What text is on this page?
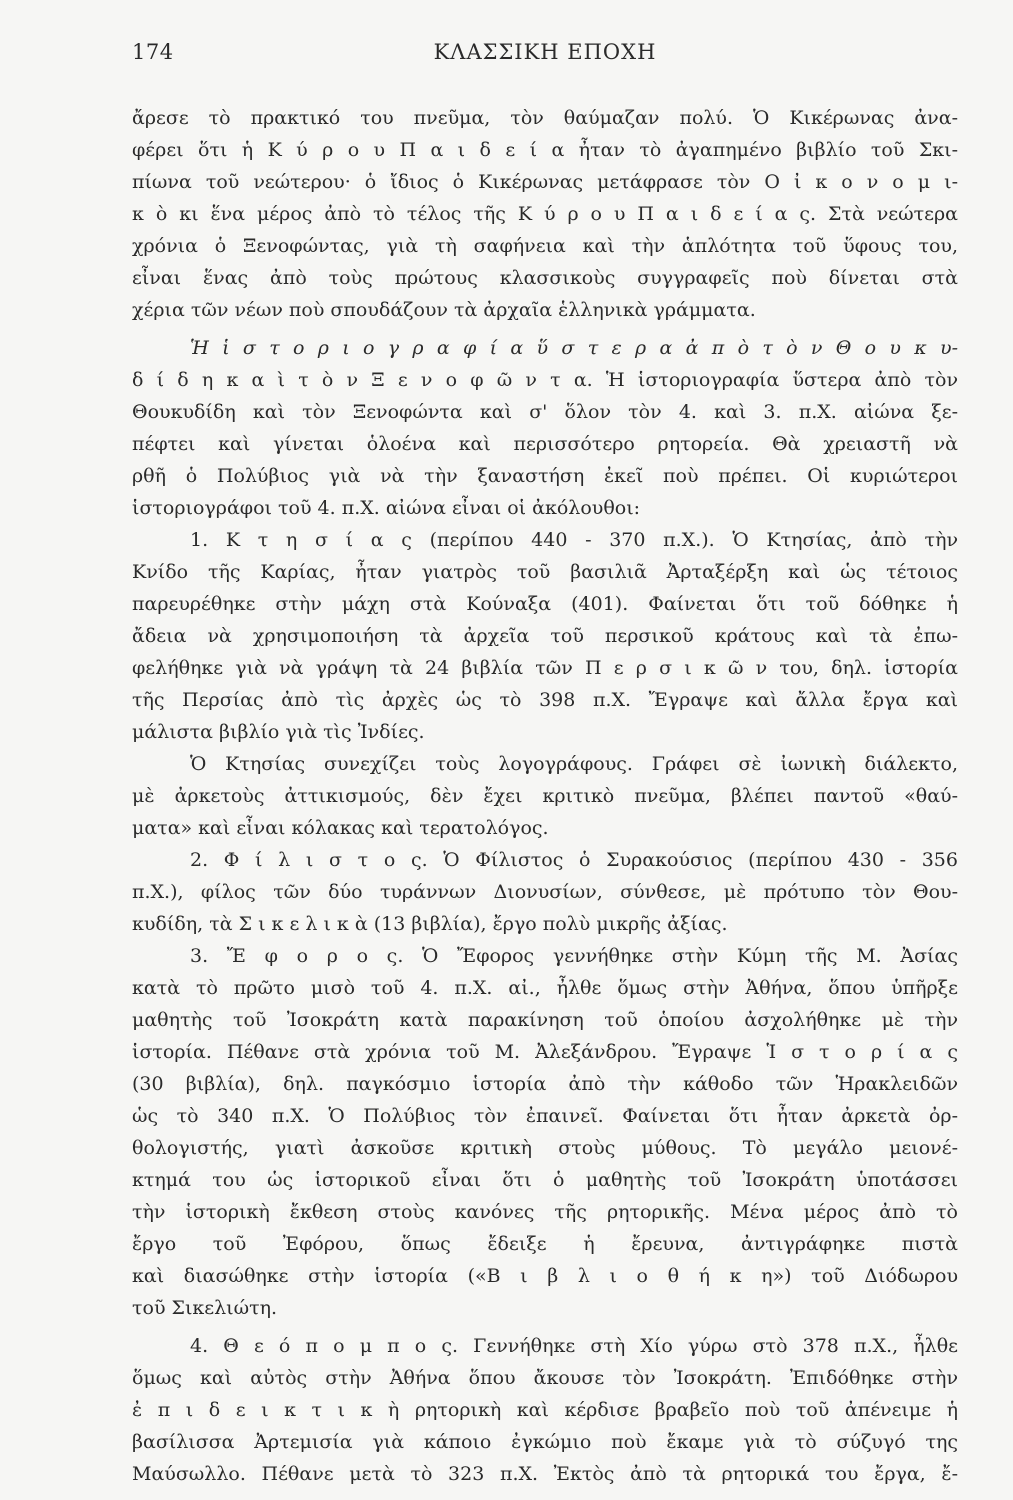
174	ΚΛΑΣΣΙΚΗ ΕΠΟΧΗ
ἄρεσε τὸ πρακτικό του πνεῦμα, τὸν θαύμαζαν πολύ. Ὁ Κικέρωνας ἀνα-
φέρει ὅτι ἡ Κ ύ ρ ο υ Π α ι δ ε ί α ἦταν τὸ ἀγαπημένο βιβλίο τοῦ Σκι-
πίωνα τοῦ νεώτερου· ὁ ἴδιος ὁ Κικέρωνας μετάφρασε τὸν Ο ἰ κ ο ν ο μ ι-
κ ὸ κι ἕνα μέρος ἀπὸ τὸ τέλος τῆς Κ ύ ρ ο υ Π α ι δ ε ί α ς. Στὰ νεώτερα
χρόνια ὁ Ξενοφώντας, γιὰ τὴ σαφήνεια καὶ τὴν ἁπλότητα τοῦ ὕφους του,
εἶναι ἕνας ἀπὸ τοὺς πρώτους κλασσικοὺς συγγραφεῖς ποὺ δίνεται στὰ
χέρια τῶν νέων ποὺ σπουδάζουν τὰ ἀρχαῖα ἑλληνικὰ γράμματα.
Ἡ ἱ σ τ ο ρ ι ο γ ρ α φ ί α ὕ σ τ ε ρ α ἀ π ὸ τ ὸ ν Θ ο υ κ υ-
δ ί δ η κ α ὶ τ ὸ ν Ξ ε ν ο φ ῶ ν τ α. Ἡ ἱστοριογραφία ὕστερα ἀπὸ τὸν
Θουκυδίδη καὶ τὸν Ξενοφώντα καὶ σ' ὅλον τὸν 4. καὶ 3. π.Χ. αἰώνα ξε-
πέφτει καὶ γίνεται ὁλοένα καὶ περισσότερο ρητορεία. Θὰ χρειαστῆ νὰ
ρθῆ ὁ Πολύβιος γιὰ νὰ τὴν ξαναστήση ἐκεῖ ποὺ πρέπει. Οἱ κυριώτεροι
ἱστοριογράφοι τοῦ 4. π.Χ. αἰώνα εἶναι οἱ ἀκόλουθοι:
1. Κ τ η σ ί α ς (περίπου 440 - 370 π.Χ.). Ὁ Κτησίας, ἀπὸ τὴν
Κνίδο τῆς Καρίας, ἦταν γιατρὸς τοῦ βασιλιᾶ Ἀρταξέρξη καὶ ὡς τέτοιος
παρευρέθηκε στὴν μάχη στὰ Κούναξα (401). Φαίνεται ὅτι τοῦ δόθηκε ἡ
ἄδεια νὰ χρησιμοποιήση τὰ ἀρχεῖα τοῦ περσικοῦ κράτους καὶ τὰ ἐπω-
φελήθηκε γιὰ νὰ γράψη τὰ 24 βιβλία τῶν Π ε ρ σ ι κ ῶ ν του, δηλ. ἱστορία
τῆς Περσίας ἀπὸ τὶς ἀρχὲς ὡς τὸ 398 π.Χ. Ἔγραψε καὶ ἄλλα ἔργα καὶ
μάλιστα βιβλίο γιὰ τὶς Ἰνδίες.
Ὁ Κτησίας συνεχίζει τοὺς λογογράφους. Γράφει σὲ ἰωνικὴ διάλεκτο,
μὲ ἀρκετοὺς ἀττικισμούς, δὲν ἔχει κριτικὸ πνεῦμα, βλέπει παντοῦ «θαύ-
ματα» καὶ εἶναι κόλακας καὶ τερατολόγος.
2. Φ ί λ ι σ τ ο ς. Ὁ Φίλιστος ὁ Συρακούσιος (περίπου 430 - 356
π.Χ.), φίλος τῶν δύο τυράννων Διονυσίων, σύνθεσε, μὲ πρότυπο τὸν Θου-
κυδίδη, τὰ Σ ι κ ε λ ι κ ὰ (13 βιβλία), ἔργο πολὺ μικρῆς ἀξίας.
3. Ἔ φ ο ρ ο ς. Ὁ Ἔφορος γεννήθηκε στὴν Κύμη τῆς Μ. Ἀσίας
κατὰ τὸ πρῶτο μισὸ τοῦ 4. π.Χ. αἰ., ἦλθε ὅμως στὴν Ἀθήνα, ὅπου ὑπῆρξε
μαθητὴς τοῦ Ἰσοκράτη κατὰ παρακίνηση τοῦ ὁποίου ἀσχολήθηκε μὲ τὴν
ἱστορία. Πέθανε στὰ χρόνια τοῦ Μ. Ἀλεξάνδρου. Ἔγραψε Ἱ σ τ ο ρ ί α ς
(30 βιβλία), δηλ. παγκόσμιο ἱστορία ἀπὸ τὴν κάθοδο τῶν Ἡρακλειδῶν
ὡς τὸ 340 π.Χ. Ὁ Πολύβιος τὸν ἐπαινεῖ. Φαίνεται ὅτι ἦταν ἀρκετὰ ὀρ-
θολογιστής, γιατὶ ἀσκοῦσε κριτικὴ στοὺς μύθους. Τὸ μεγάλο μειονέ-
κτημά του ὡς ἱστορικοῦ εἶναι ὅτι ὁ μαθητὴς τοῦ Ἰσοκράτη ὑποτάσσει
τὴν ἱστορικὴ ἔκθεση στοὺς κανόνες τῆς ρητορικῆς. Μένα μέρος ἀπὸ τὸ
ἔργο τοῦ Ἐφόρου, ὅπως ἔδειξε ἡ ἔρευνα, ἀντιγράφηκε πιστὰ
καὶ διασώθηκε στὴν ἱστορία («Β ι β λ ι ο θ ή κ η») τοῦ Διόδωρου
τοῦ Σικελιώτη.
4. Θ ε ό π ο μ π ο ς. Γεννήθηκε στὴ Χίο γύρω στὸ 378 π.Χ., ἦλθε
ὅμως καὶ αὐτὸς στὴν Ἀθήνα ὅπου ἄκουσε τὸν Ἰσοκράτη. Ἐπιδόθηκε στὴν
ἐ π ι δ ε ι κ τ ι κ ὴ ρητορικὴ καὶ κέρδισε βραβεῖο ποὺ τοῦ ἀπένειμε ἡ
βασίλισσα Ἀρτεμισία γιὰ κάποιο ἐγκώμιο ποὺ ἔκαμε γιὰ τὸ σύζυγό της
Μαύσωλλο. Πέθανε μετὰ τὸ 323 π.Χ. Ἐκτὸς ἀπὸ τὰ ρητορικά του ἔργα, ἔ-
